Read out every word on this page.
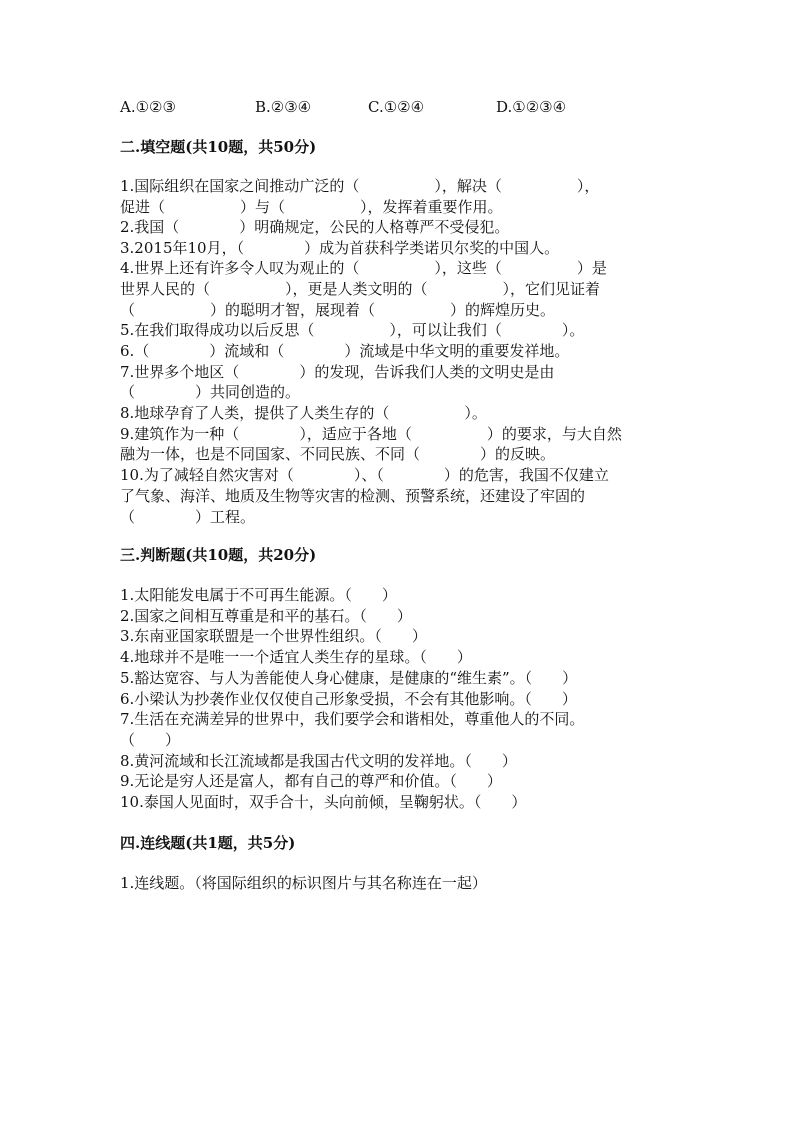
A.①②③	B.②③④	C.①②④	D.①②③④
二.填空题(共10题，共50分)
1.国际组织在国家之间推动广泛的（　　　　　），解决（　　　　　），
促进（　　　　　）与（　　　　　），发挥着重要作用。
2.我国（　　　　）明确规定，公民的人格尊严不受侵犯。
3.2015年10月，（　　　　）成为首获科学类诺贝尔奖的中国人。
4.世界上还有许多令人叹为观止的（　　　　　），这些（　　　　　）是
世界人民的（　　　　　），更是人类文明的（　　　　　），它们见证着
（　　　　　）的聪明才智，展现着（　　　　　）的辉煌历史。
5.在我们取得成功以后反思（　　　　　），可以让我们（　　　　）。
6.（　　　　）流域和（　　　　）流域是中华文明的重要发祥地。
7.世界多个地区（　　　　）的发现，告诉我们人类的文明史是由
（　　　　）共同创造的。
8.地球孕育了人类，提供了人类生存的（　　　　　）。
9.建筑作为一种（　　　　），适应于各地（　　　　　）的要求，与大自然
融为一体，也是不同国家、不同民族、不同（　　　　）的反映。
10.为了减轻自然灾害对（　　　　）、（　　　　）的危害，我国不仅建立
了气象、海洋、地质及生物等灾害的检测、预警系统，还建设了牢固的
（　　　　）工程。
三.判断题(共10题，共20分)
1.太阳能发电属于不可再生能源。（　　）
2.国家之间相互尊重是和平的基石。（　　）
3.东南亚国家联盟是一个世界性组织。（　　）
4.地球并不是唯一一个适宜人类生存的星球。（　　）
5.豁达宽容、与人为善能使人身心健康，是健康的“维生素”。（　　）
6.小梁认为抄袭作业仅仅使自己形象受损，不会有其他影响。（　　）
7.生活在充满差异的世界中，我们要学会和谐相处，尊重他人的不同。
（　　）
8.黄河流域和长江流域都是我国古代文明的发祥地。（　　）
9.无论是穷人还是富人，都有自己的尊严和价值。（　　）
10.泰国人见面时，双手合十，头向前倾，呈鞠躬状。（　　）
四.连线题(共1题，共5分)
1.连线题。（将国际组织的标识图片与其名称连在一起）
